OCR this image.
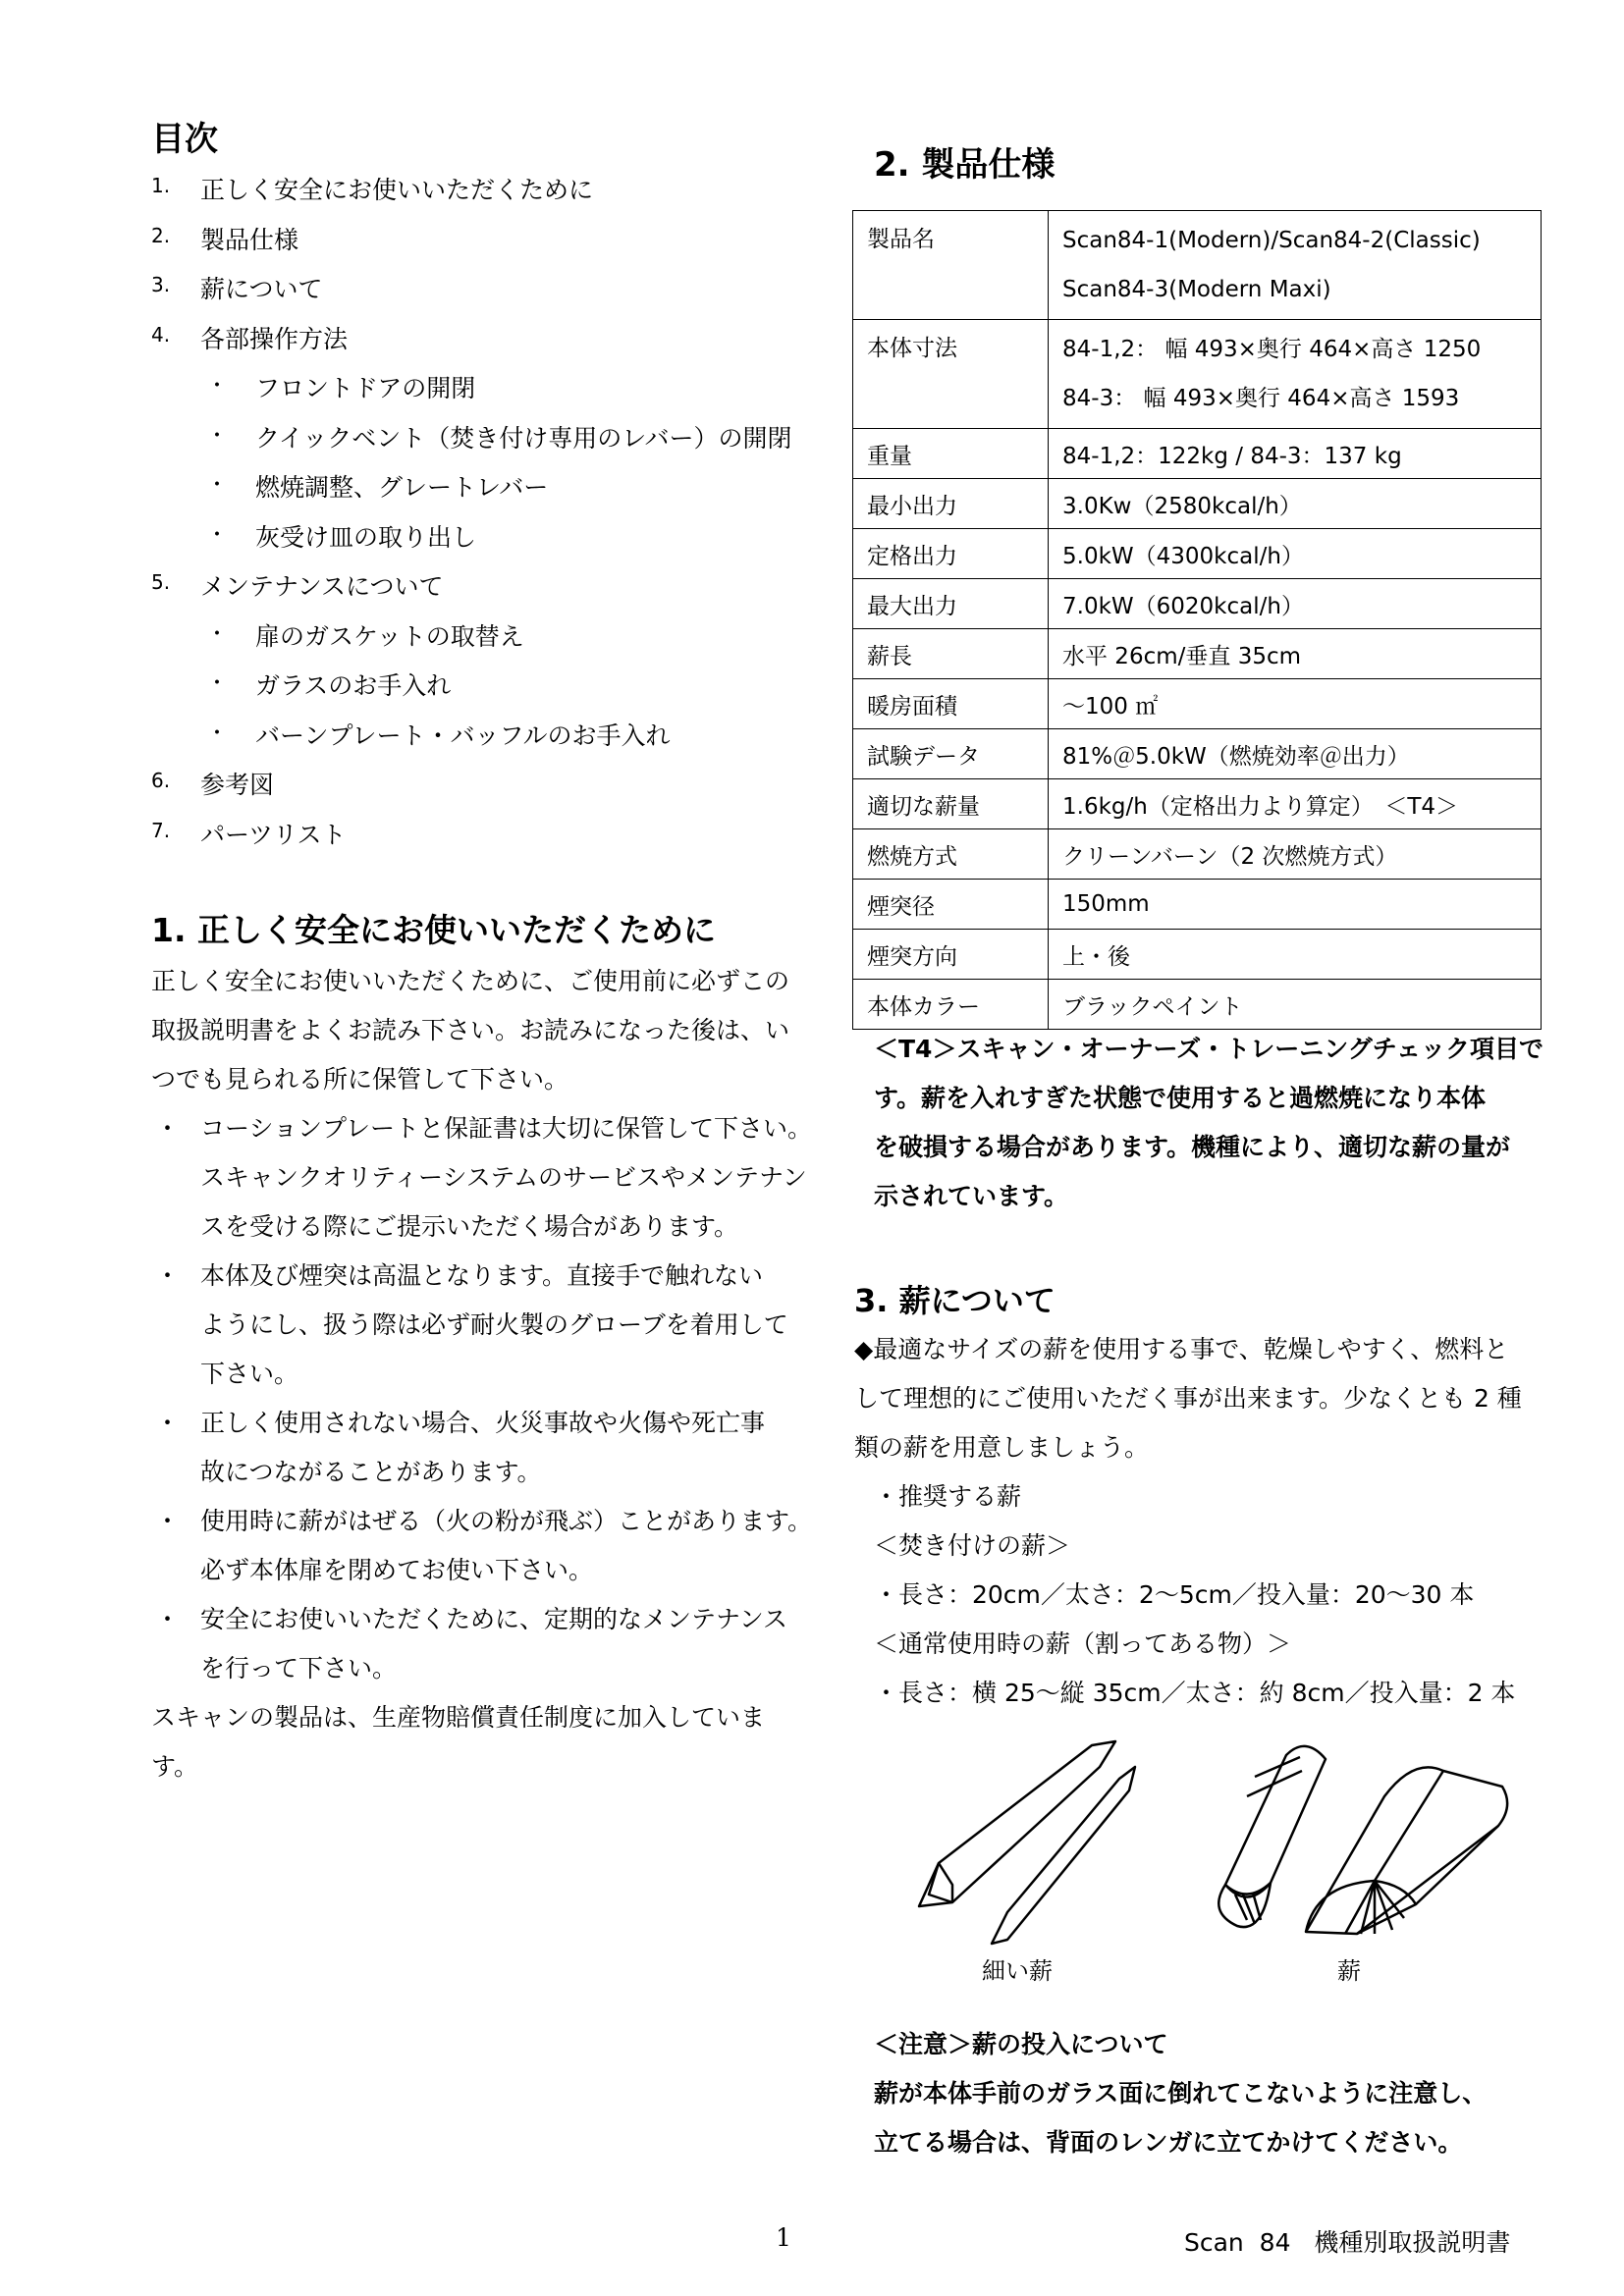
目次
1. 正しく安全にお使いいただくために
2. 製品仕様
3. 薪について
4. 各部操作方法
・ フロントドアの開閉
・ クイックベント（焚き付け専用のレバー）の開閉
・ 燃焼調整、グレートレバー
・ 灰受け皿の取り出し
5. メンテナンスについて
・ 扉のガスケットの取替え
・ ガラスのお手入れ
・ バーンプレート・バッフルのお手入れ
6. 参考図
7. パーツリスト
1. 正しく安全にお使いいただくために
正しく安全にお使いいただくために、ご使用前に必ずこの
取扱説明書をよくお読み下さい。お読みになった後は、い
つでも見られる所に保管して下さい。
・ コーションプレートと保証書は大切に保管して下さい。
スキャンクオリティーシステムのサービスやメンテナン
スを受ける際にご提示いただく場合があります。
・ 本体及び煙突は高温となります。直接手で触れない
ようにし、扱う際は必ず耐火製のグローブを着用して
下さい。
・ 正しく使用されない場合、火災事故や火傷や死亡事
故につながることがあります。
・ 使用時に薪がはぜる（火の粉が飛ぶ）ことがあります。
必ず本体扉を閉めてお使い下さい。
・ 安全にお使いいただくために、定期的なメンテナンス
を行って下さい。
スキャンの製品は、生産物賠償責任制度に加入していま
す。
2. 製品仕様
製品名	Scan84-1(Modern)/Scan84-2(Classic)
Scan84-3(Modern Maxi)

本体寸法	84-1,2： 幅 493×奥行 464×高さ 1250
84-3： 幅 493×奥行 464×高さ 1593

重量	84-1,2：122kg / 84-3：137 kg

最小出力	3.0Kw（2580kcal/h）

定格出力	5.0kW（4300kcal/h）

最大出力	7.0kW（6020kcal/h）

薪長	水平 26cm/垂直 35cm

暖房面積	～100 ㎡

試験データ	81%＠5.0kW（燃焼効率＠出力）

適切な薪量	1.6kg/h（定格出力より算定）　＜T4＞

燃焼方式	クリーンバーン（2 次燃焼方式）

煙突径	150mm

煙突方向	上・後

本体カラー	ブラックペイント
＜T4＞スキャン・オーナーズ・トレーニングチェック項目で
す。薪を入れすぎた状態で使用すると過燃焼になり本体
を破損する場合があります。機種により、適切な薪の量が
示されています。
3. 薪について
◆最適なサイズの薪を使用する事で、乾燥しやすく、燃料と
して理想的にご使用いただく事が出来ます。少なくとも 2 種
類の薪を用意しましょう。
・推奨する薪
＜焚き付けの薪＞
・長さ：20cm／太さ：2～5cm／投入量：20～30 本
＜通常使用時の薪（割ってある物）＞
・長さ：横 25～縦 35cm／太さ：約 8cm／投入量：2 本
細い薪	薪
＜注意＞薪の投入について
薪が本体手前のガラス面に倒れてこないように注意し、
立てる場合は、背面のレンガに立てかけてください。
1	Scan  84   機種別取扱説明書
